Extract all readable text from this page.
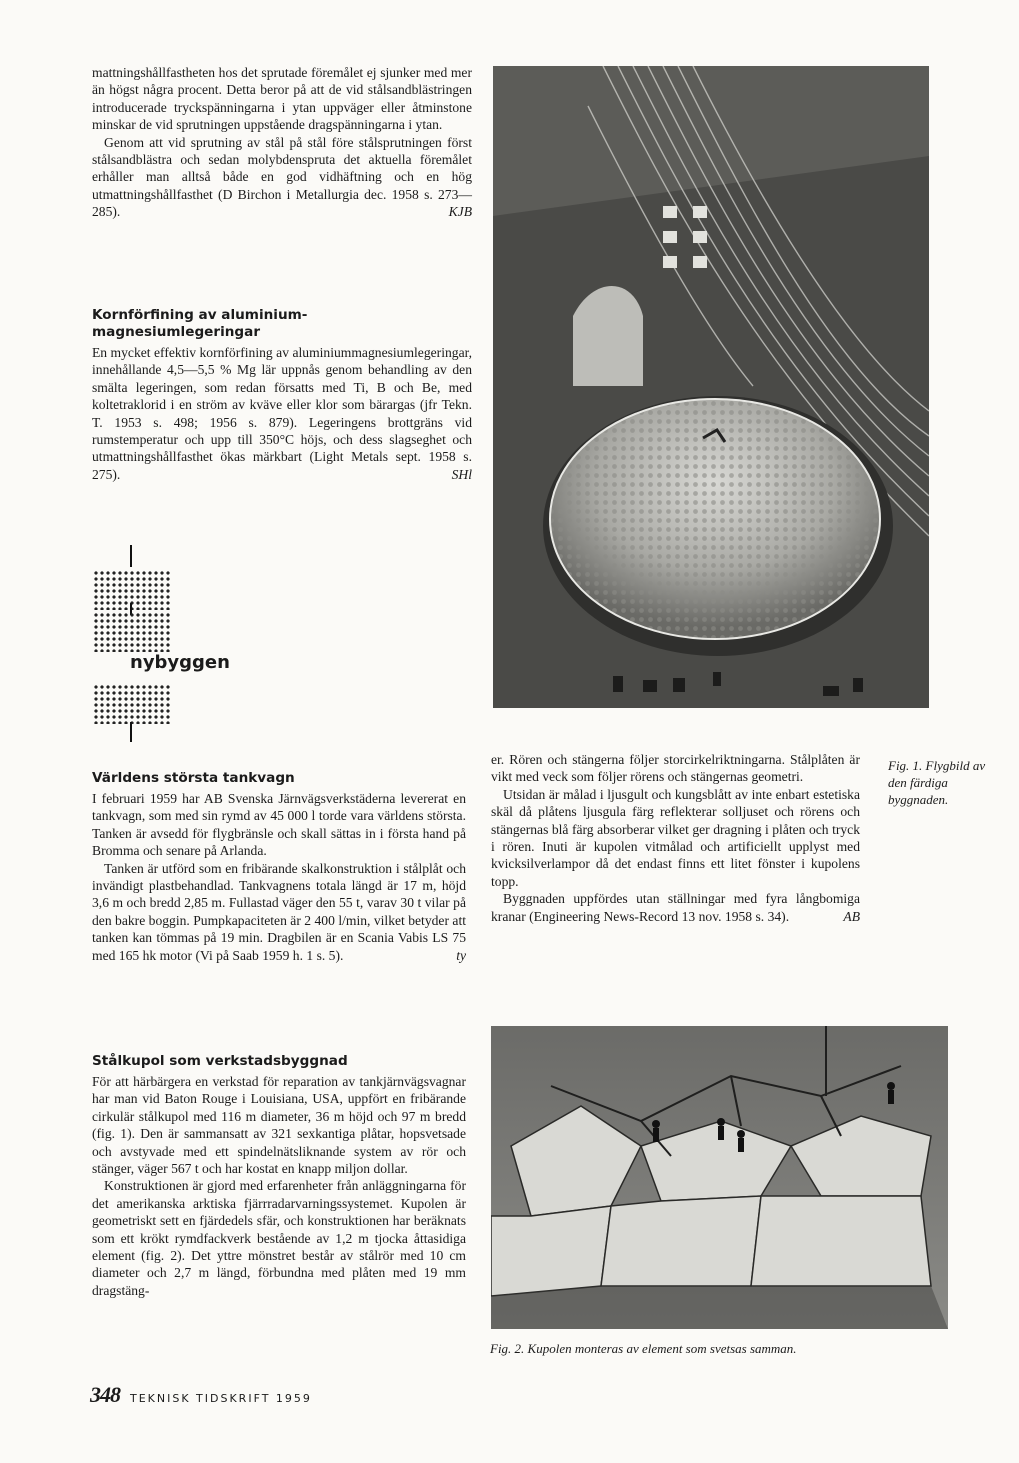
mattningshållfastheten hos det sprutade föremålet ej sjunker med mer än högst några procent. Detta beror på att de vid stålsandblästringen introducerade tryckspänningarna i ytan uppväger eller åtminstone minskar de vid sprutningen uppstående dragspänningarna i ytan.

Genom att vid sprutning av stål på stål före stålsprutningen först stålsandblästra och sedan molybdenspruta det aktuella föremålet erhåller man alltså både en god vidhäftning och en hög utmattningshållfasthet (D Birchon i Metallurgia dec. 1958 s. 273—285).	KJB

Kornförfining av aluminium-magnesiumlegeringar

En mycket effektiv kornförfining av aluminiummagnesiumlegeringar, innehållande 4,5—5,5 % Mg lär uppnås genom behandling av den smälta legeringen, som redan försatts med Ti, B och Be, med koltetraklorid i en ström av kväve eller klor som bärargas (jfr Tekn. T. 1953 s. 498; 1956 s. 879). Legeringens brottgräns vid rumstemperatur och upp till 350°C höjs, och dess slagseghet och utmattningshållfasthet ökas märkbart (Light Metals sept. 1958 s. 275).	SHl

nybyggen
Världens största tankvagn

I februari 1959 har AB Svenska Järnvägsverkstäderna levererat en tankvagn, som med sin rymd av 45 000 l torde vara världens största. Tanken är avsedd för flygbränsle och skall sättas in i första hand på Bromma och senare på Arlanda.

Tanken är utförd som en fribärande skalkonstruktion i stålplåt och invändigt plastbehandlad. Tankvagnens totala längd är 17 m, höjd 3,6 m och bredd 2,85 m. Fullastad väger den 55 t, varav 30 t vilar på den bakre boggin. Pumpkapaciteten är 2 400 l/min, vilket betyder att tanken kan tömmas på 19 min. Dragbilen är en Scania Vabis LS 75 med 165 hk motor (Vi på Saab 1959 h. 1 s. 5).	ty

Stålkupol som verkstadsbyggnad

För att härbärgera en verkstad för reparation av tankjärnvägsvagnar har man vid Baton Rouge i Louisiana, USA, uppfört en fribärande cirkulär stålkupol med 116 m diameter, 36 m höjd och 97 m bredd (fig. 1). Den är sammansatt av 321 sexkantiga plåtar, hopsvetsade och avstyvade med ett spindelnätsliknande system av rör och stänger, väger 567 t och har kostat en knapp miljon dollar.

Konstruktionen är gjord med erfarenheter från anläggningarna för det amerikanska arktiska fjärrradarvarningssystemet. Kupolen är geometriskt sett en fjärdedels sfär, och konstruktionen har beräknats som ett krökt rymdfackverk bestående av 1,2 m tjocka åttasidiga element (fig. 2). Det yttre mönstret består av stålrör med 10 cm diameter och 2,7 m längd, förbundna med plåten med 19 mm dragstäng-

er. Rören och stängerna följer storcirkelriktningarna. Stålplåten är vikt med veck som följer rörens och stängernas geometri.

Utsidan är målad i ljusgult och kungsblått av inte enbart estetiska skäl då plåtens ljusgula färg reflekterar solljuset och rörens och stängernas blå färg absorberar vilket ger dragning i plåten och tryck i rören. Inuti är kupolen vitmålad och artificiellt upplyst med kvicksilverlampor då det endast finns ett litet fönster i kupolens topp.

Byggnaden uppfördes utan ställningar med fyra långbomiga kranar (Engineering News-Record 13 nov. 1958 s. 34).	AB

Fig. 1. Flygbild av den färdiga byggnaden.
Fig. 2. Kupolen monteras av element som svetsas samman.
348 TEKNISK TIDSKRIFT 1959
